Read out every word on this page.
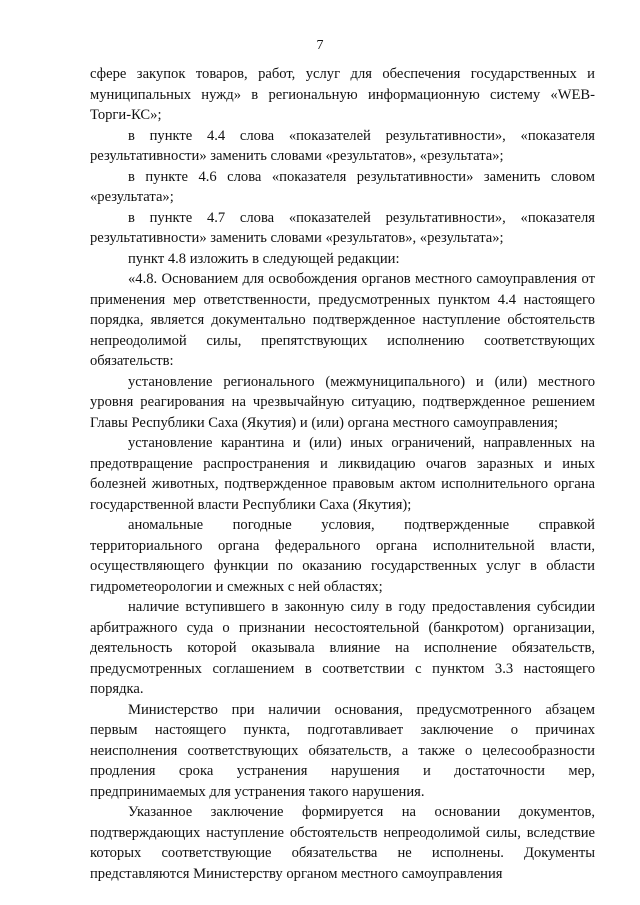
7

сфере закупок товаров, работ, услуг для обеспечения государственных и муниципальных нужд» в региональную информационную систему «WEB-Торги-КС»;

в пункте 4.4 слова «показателей результативности», «показателя результативности» заменить словами «результатов», «результата»;

в пункте 4.6 слова «показателя результативности» заменить словом «результата»;

в пункте 4.7 слова «показателей результативности», «показателя результативности» заменить словами «результатов», «результата»;

пункт 4.8 изложить в следующей редакции:

«4.8. Основанием для освобождения органов местного самоуправления от применения мер ответственности, предусмотренных пунктом 4.4 настоящего порядка, является документально подтвержденное наступление обстоятельств непреодолимой силы, препятствующих исполнению соответствующих обязательств:

установление регионального (межмуниципального) и (или) местного уровня реагирования на чрезвычайную ситуацию, подтвержденное решением Главы Республики Саха (Якутия) и (или) органа местного самоуправления;

установление карантина и (или) иных ограничений, направленных на предотвращение распространения и ликвидацию очагов заразных и иных болезней животных, подтвержденное правовым актом исполнительного органа государственной власти Республики Саха (Якутия);

аномальные погодные условия, подтвержденные справкой территориального органа федерального органа исполнительной власти, осуществляющего функции по оказанию государственных услуг в области гидрометеорологии и смежных с ней областях;

наличие вступившего в законную силу в году предоставления субсидии арбитражного суда о признании несостоятельной (банкротом) организации, деятельность которой оказывала влияние на исполнение обязательств, предусмотренных соглашением в соответствии с пунктом 3.3 настоящего порядка.

Министерство при наличии основания, предусмотренного абзацем первым настоящего пункта, подготавливает заключение о причинах неисполнения соответствующих обязательств, а также о целесообразности продления срока устранения нарушения и достаточности мер, предпринимаемых для устранения такого нарушения.

Указанное заключение формируется на основании документов, подтверждающих наступление обстоятельств непреодолимой силы, вследствие которых соответствующие обязательства не исполнены. Документы представляются Министерству органом местного самоуправления
